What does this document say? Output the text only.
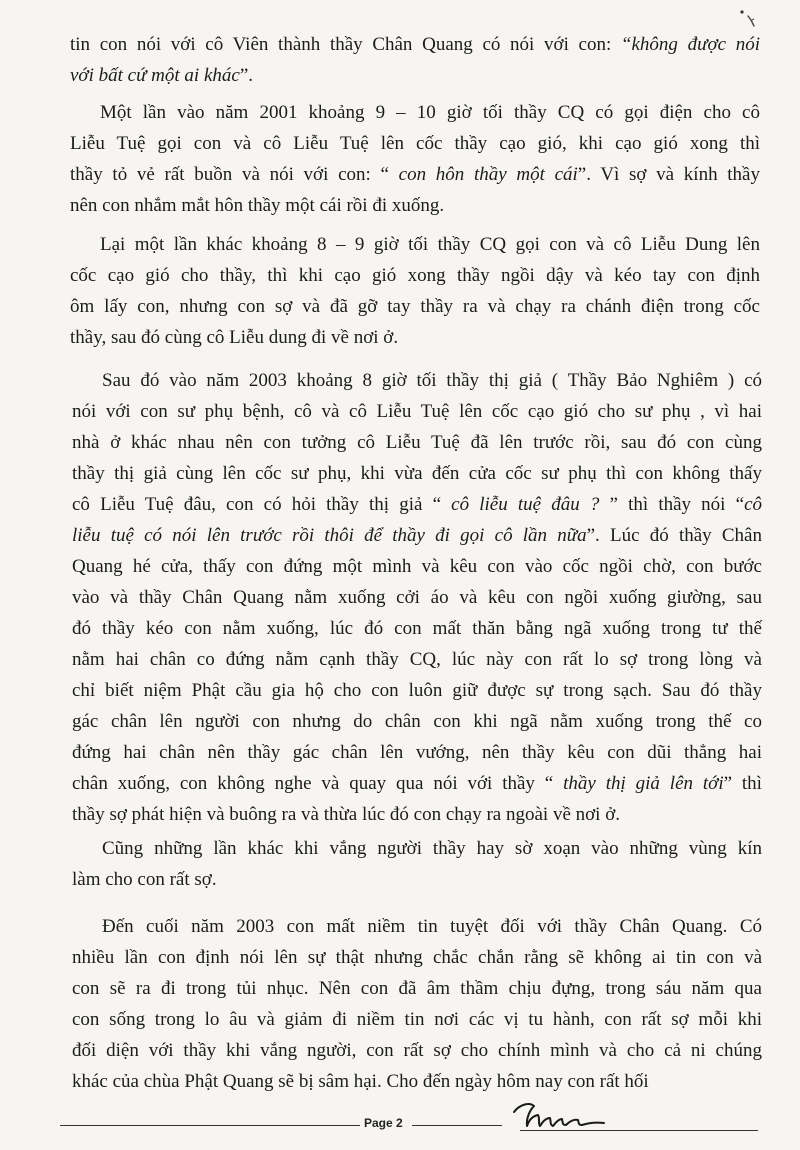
tin con nói với cô Viên thành thầy Chân Quang có nói với con: “không được nói
với bất cứ một ai khác”.
Một lần vào năm 2001 khoảng 9 – 10 giờ tối thầy CQ có gọi điện cho cô
Liễu Tuệ gọi con và cô Liễu Tuệ lên cốc thầy cạo gió, khi cạo gió xong thì
thầy tỏ vẻ rất buồn và nói với con: “ con hôn thầy một cái”. Vì sợ và kính thầy
nên con nhắm mắt hôn thầy một cái rồi đi xuống.
Lại một lần khác khoảng 8 – 9 giờ tối thầy CQ gọi con và cô Liễu Dung lên
cốc cạo gió cho thầy, thì khi cạo gió xong thầy ngồi dậy và kéo tay con định
ôm lấy con, nhưng con sợ và đã gỡ tay thầy ra và chạy ra chánh điện trong cốc
thầy, sau đó cùng cô Liễu dung đi về nơi ở.
Sau đó vào năm 2003 khoảng 8 giờ tối thầy thị giả ( Thầy Bảo Nghiêm ) có
nói với con sư phụ bệnh, cô và cô Liễu Tuệ lên cốc cạo gió cho sư phụ , vì hai
nhà ở khác nhau nên con tưởng cô Liễu Tuệ đã lên trước rồi, sau đó con cùng
thầy thị giả cùng lên cốc sư phụ, khi vừa đến cửa cốc sư phụ thì con không thấy
cô Liễu Tuệ đâu, con có hỏi thầy thị giả “ cô liễu tuệ đâu ? ” thì thầy nói “cô
liễu tuệ có nói lên trước rồi thôi để thầy đi gọi cô lần nữa”. Lúc đó thầy Chân
Quang hé cửa, thấy con đứng một mình và kêu con vào cốc ngồi chờ, con bước
vào và thầy Chân Quang nằm xuống cởi áo và kêu con ngồi xuống giường, sau
đó thầy kéo con nằm xuống, lúc đó con mất thăn bằng ngã xuống trong tư thế
nằm hai chân co đứng nằm cạnh thầy CQ, lúc này con rất lo sợ trong lòng và
chỉ biết niệm Phật cầu gia hộ cho con luôn giữ được sự trong sạch. Sau đó thầy
gác chân lên người con nhưng do chân con khi ngã nằm xuống trong thế co
đứng hai chân nên thầy gác chân lên vướng, nên thầy kêu con dũi thẳng hai
chân xuống, con không nghe và quay qua nói với thầy “ thầy thị giả lên tới” thì
thầy sợ phát hiện và buông ra và thừa lúc đó con chạy ra ngoài về nơi ở.
Cũng những lần khác khi vắng người thầy hay sờ xoạn vào những vùng kín
làm cho con rất sợ.
Đến cuối năm 2003 con mất niềm tin tuyệt đối với thầy Chân Quang. Có
nhiều lần con định nói lên sự thật nhưng chắc chắn rằng sẽ không ai tin con và
con sẽ ra đi trong tủi nhục. Nên con đã âm thầm chịu đựng, trong sáu năm qua
con sống trong lo âu và giảm đi niềm tin nơi các vị tu hành, con rất sợ mỗi khi
đối diện với thầy khi vắng người, con rất sợ cho chính mình và cho cả ni chúng
khác của chùa Phật Quang sẽ bị sâm hại. Cho đến ngày hôm nay con rất hối
Page 2
